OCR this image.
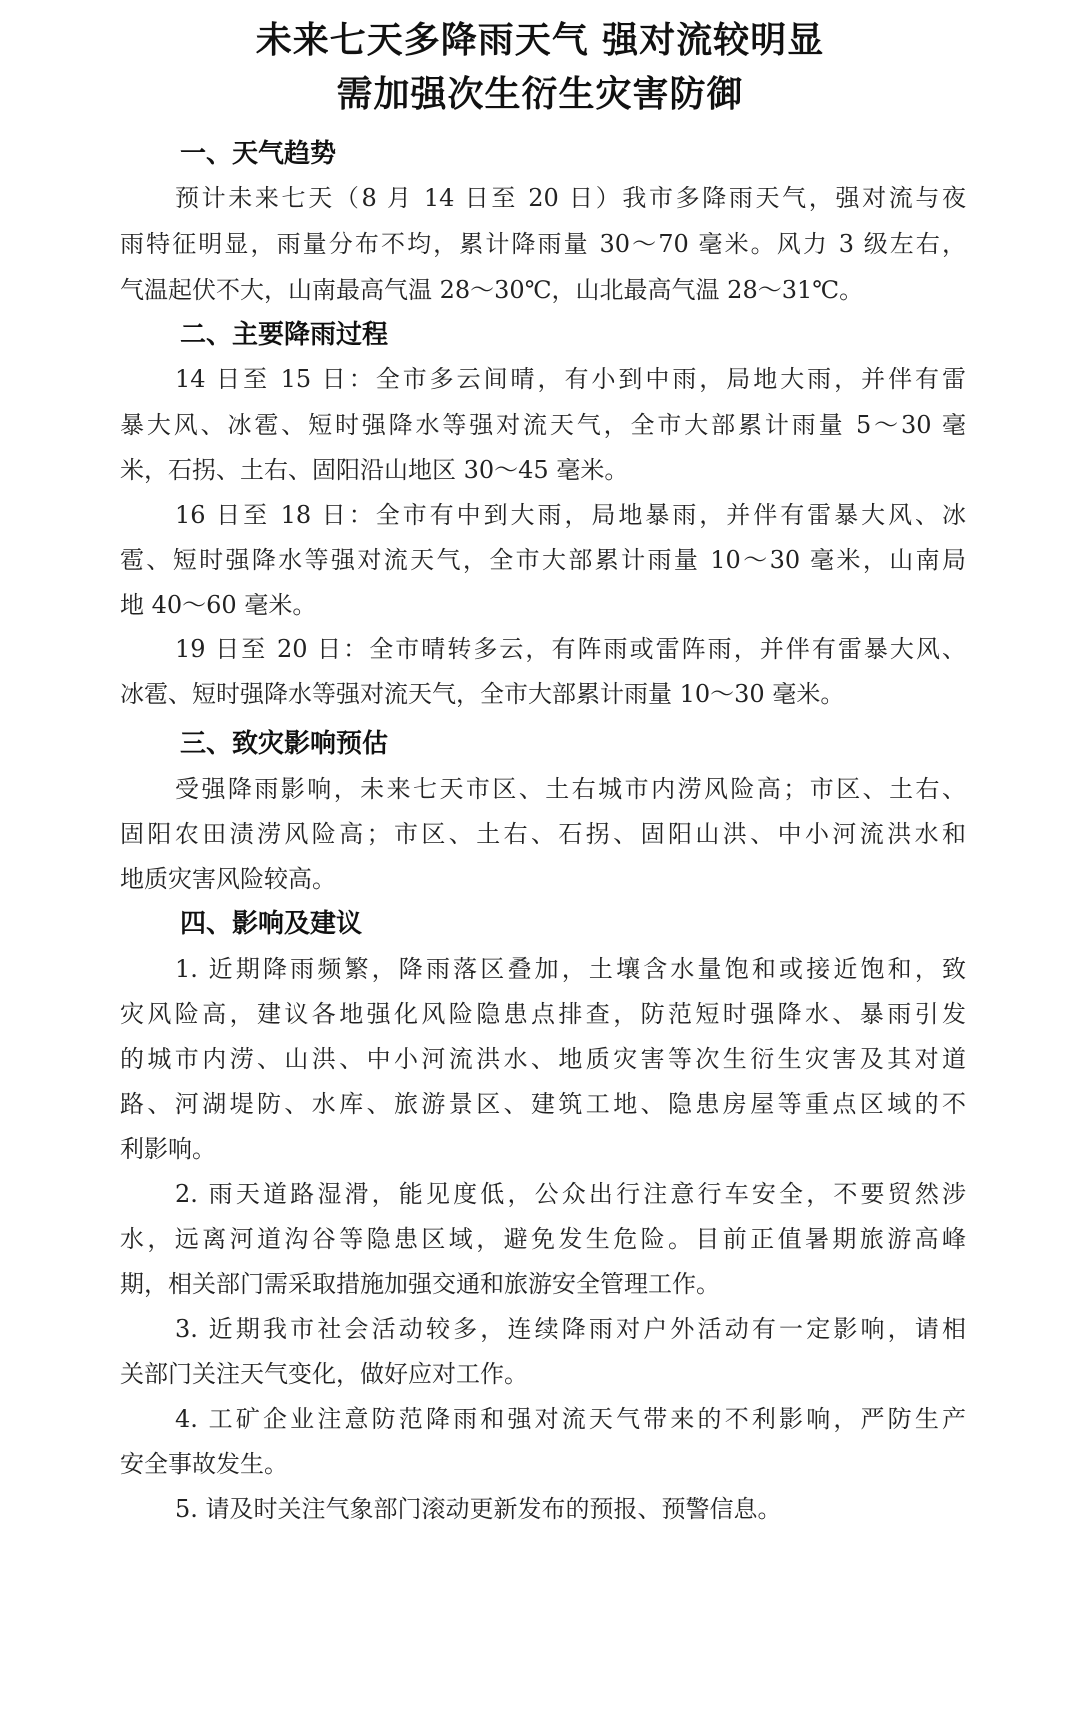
未来七天多降雨天气 强对流较明显
需加强次生衍生灾害防御
一、天气趋势
预计未来七天（8 月 14 日至 20 日）我市多降雨天气，强对流与夜
雨特征明显，雨量分布不均，累计降雨量 30～70 毫米。风力 3 级左右，
气温起伏不大，山南最高气温 28～30℃，山北最高气温 28～31℃。
二、主要降雨过程
14 日至 15 日：全市多云间晴，有小到中雨，局地大雨，并伴有雷
暴大风、冰雹、短时强降水等强对流天气，全市大部累计雨量 5～30 毫
米，石拐、土右、固阳沿山地区 30～45 毫米。
16 日至 18 日：全市有中到大雨，局地暴雨，并伴有雷暴大风、冰
雹、短时强降水等强对流天气，全市大部累计雨量 10～30 毫米，山南局
地 40～60 毫米。
19 日至 20 日：全市晴转多云，有阵雨或雷阵雨，并伴有雷暴大风、
冰雹、短时强降水等强对流天气，全市大部累计雨量 10～30 毫米。
三、致灾影响预估
受强降雨影响，未来七天市区、土右城市内涝风险高；市区、土右、
固阳农田渍涝风险高；市区、土右、石拐、固阳山洪、中小河流洪水和
地质灾害风险较高。
四、影响及建议
1. 近期降雨频繁，降雨落区叠加，土壤含水量饱和或接近饱和，致
灾风险高，建议各地强化风险隐患点排查，防范短时强降水、暴雨引发
的城市内涝、山洪、中小河流洪水、地质灾害等次生衍生灾害及其对道
路、河湖堤防、水库、旅游景区、建筑工地、隐患房屋等重点区域的不
利影响。
2. 雨天道路湿滑，能见度低，公众出行注意行车安全，不要贸然涉
水，远离河道沟谷等隐患区域，避免发生危险。目前正值暑期旅游高峰
期，相关部门需采取措施加强交通和旅游安全管理工作。
3. 近期我市社会活动较多，连续降雨对户外活动有一定影响，请相
关部门关注天气变化，做好应对工作。
4. 工矿企业注意防范降雨和强对流天气带来的不利影响，严防生产
安全事故发生。
5. 请及时关注气象部门滚动更新发布的预报、预警信息。
